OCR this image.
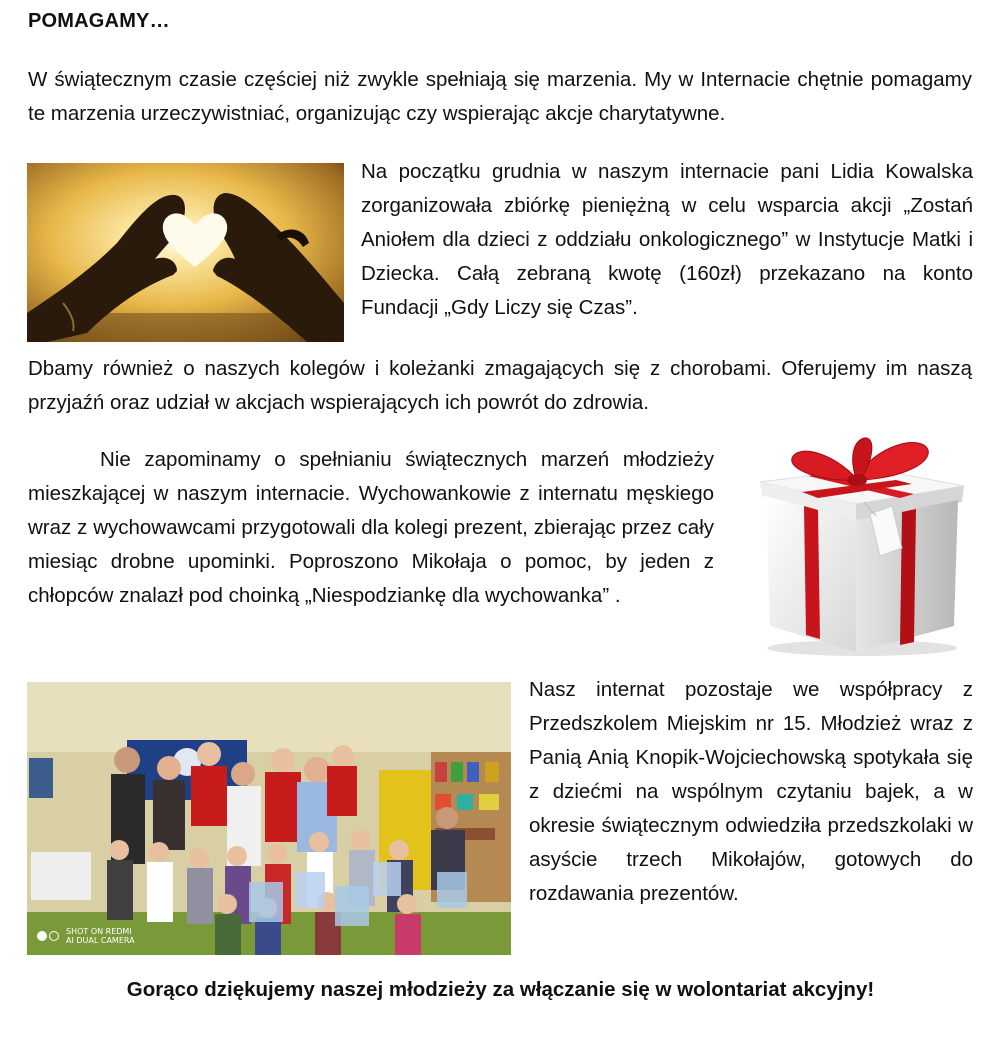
POMAGAMY…

W świątecznym czasie częściej niż zwykle spełniają się marzenia. My w Internacie chętnie pomagamy te marzenia urzeczywistniać, organizując czy wspierając akcje charytatywne.

Na początku grudnia w naszym internacie pani Lidia Kowalska zorganizowała zbiórkę pieniężną w celu wsparcia akcji „Zostań Aniołem dla dzieci z oddziału onkologicznego” w Instytucje Matki i Dziecka. Całą zebraną kwotę (160zł) przekazano na konto Fundacji „Gdy Liczy się Czas”.

Dbamy również o naszych kolegów i koleżanki zmagających się z chorobami. Oferujemy im naszą przyjaźń oraz udział w akcjach wspierających ich powrót do zdrowia.

Nie zapominamy o spełnianiu świątecznych marzeń młodzieży mieszkającej w naszym internacie. Wychowankowie z internatu męskiego wraz z wychowawcami przygotowali dla kolegi prezent, zbierając przez cały miesiąc drobne upominki. Poproszono Mikołaja o pomoc, by jeden z chłopców znalazł pod choinką „Niespodziankę dla wychowanka” .

SHOT ON REDMI
AI DUAL CAMERA

Nasz internat pozostaje we współpracy z Przedszkolem Miejskim nr 15. Młodzież wraz z Panią Anią Knopik-Wojciechowską spotykała się z dziećmi na wspólnym czytaniu bajek, a w okresie świątecznym odwiedziła przedszkolaki w asyście trzech Mikołajów, gotowych do rozdawania prezentów.

Gorąco dziękujemy naszej młodzieży za włączanie się w wolontariat akcyjny!
